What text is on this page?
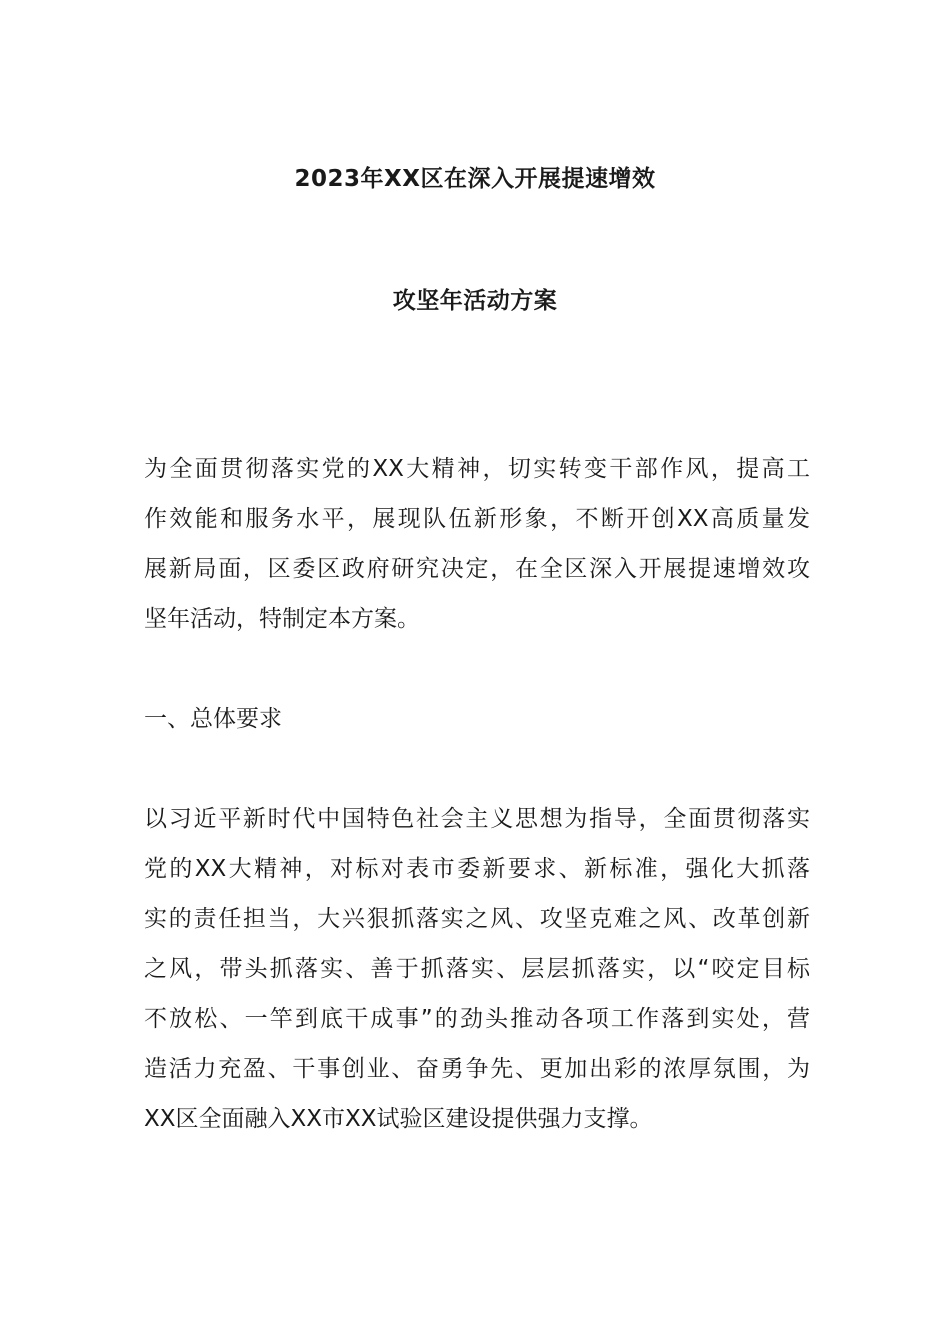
2023年XX区在深入开展提速增效
攻坚年活动方案
为全面贯彻落实党的XX大精神，切实转变干部作风，提高工
作效能和服务水平，展现队伍新形象，不断开创XX高质量发
展新局面，区委区政府研究决定，在全区深入开展提速增效攻
坚年活动，特制定本方案。
一、总体要求
以习近平新时代中国特色社会主义思想为指导，全面贯彻落实
党的XX大精神，对标对表市委新要求、新标准，强化大抓落
实的责任担当，大兴狠抓落实之风、攻坚克难之风、改革创新
之风，带头抓落实、善于抓落实、层层抓落实，以“咬定目标
不放松、一竿到底干成事”的劲头推动各项工作落到实处，营
造活力充盈、干事创业、奋勇争先、更加出彩的浓厚氛围，为
XX区全面融入XX市XX试验区建设提供强力支撑。
